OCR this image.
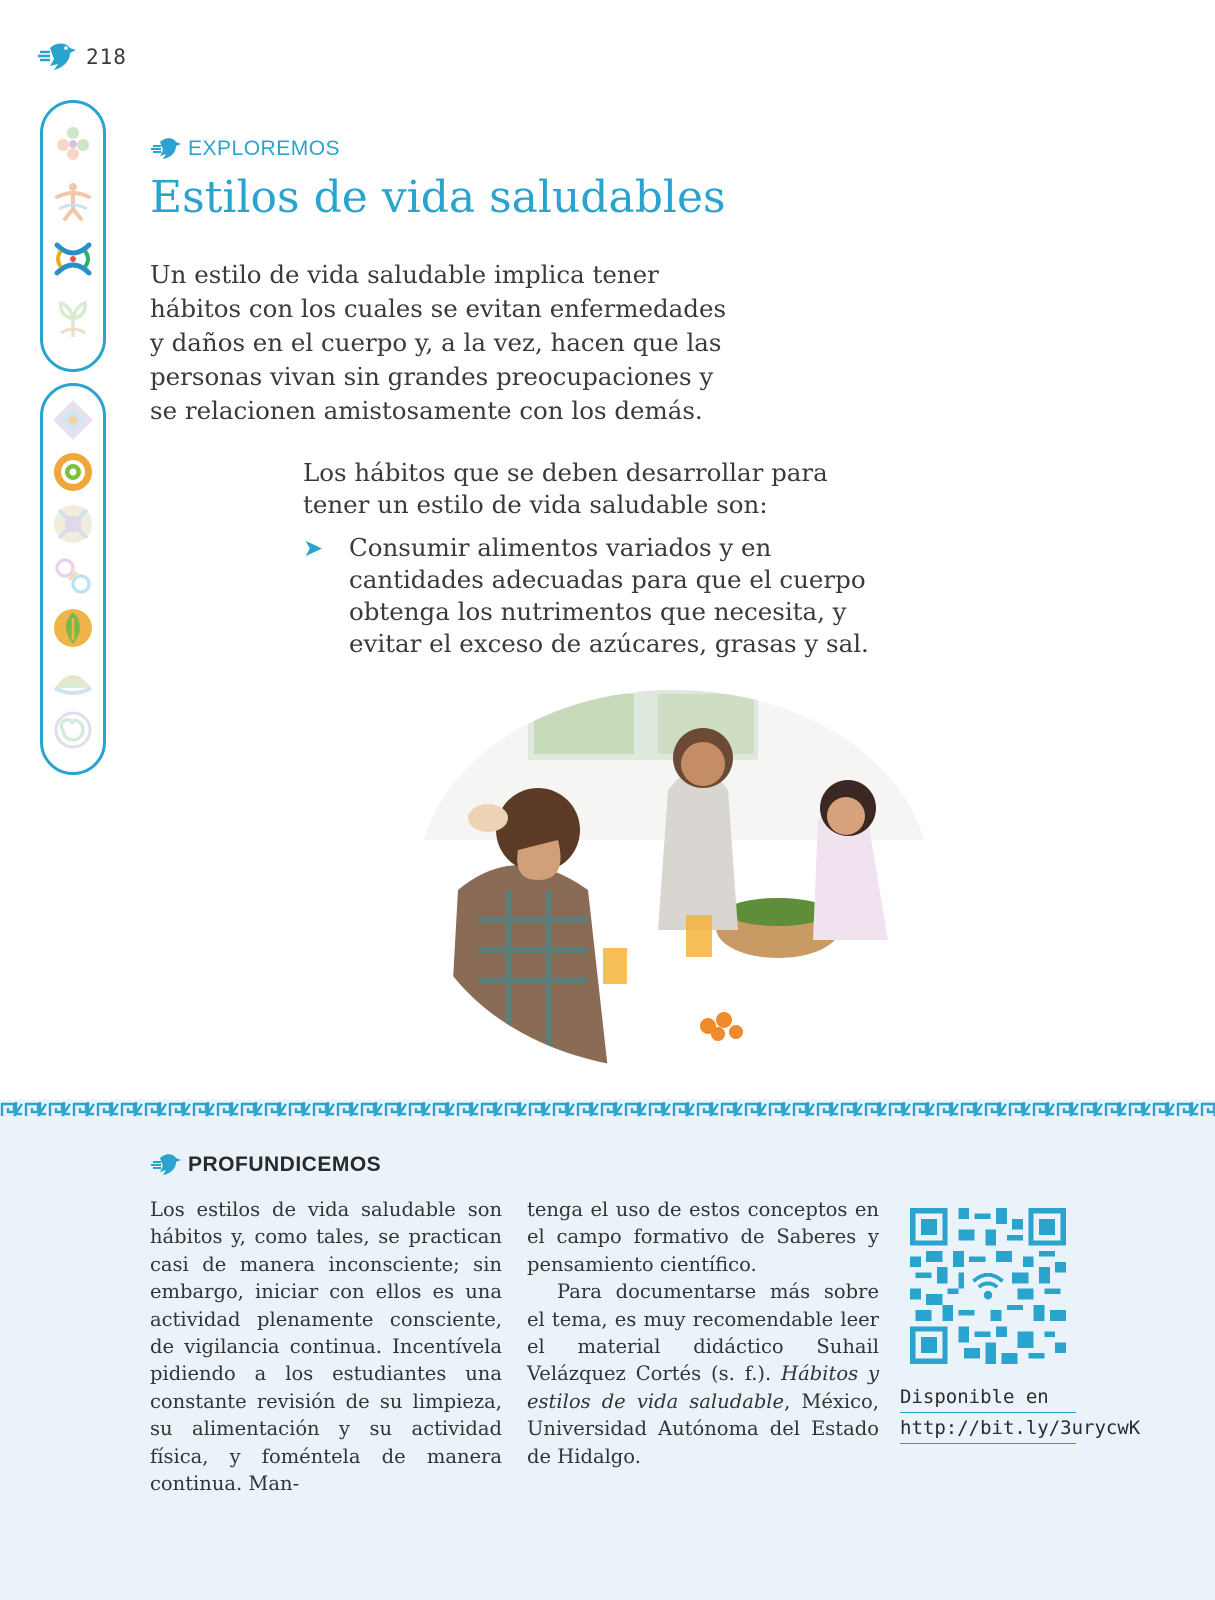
218
EXPLOREMOS
Estilos de vida saludables

Un estilo de vida saludable implica tener hábitos con los cuales se evitan enfermedades y daños en el cuerpo y, a la vez, hacen que las personas vivan sin grandes preocupaciones y se relacionen amistosamente con los demás.

Los hábitos que se deben desarrollar para tener un estilo de vida saludable son:

➤ Consumir alimentos variados y en cantidades adecuadas para que el cuerpo obtenga los nutrimentos que necesita, y evitar el exceso de azúcares, grasas y sal.
PROFUNDICEMOS

Los estilos de vida saludable son hábitos y, como tales, se practican casi de manera inconsciente; sin embargo, iniciar con ellos es una actividad plenamente consciente, de vigilancia continua. Incentívela pidiendo a los estudiantes una constante revisión de su limpieza, su alimentación y su actividad física, y foméntela de manera continua. Man-

tenga el uso de estos conceptos en el campo formativo de Saberes y pensamiento científico.

Para documentarse más sobre el tema, es muy recomendable leer el material didáctico Suhail Velázquez Cortés (s. f.). Hábitos y estilos de vida saludable, México, Universidad Autónoma del Estado de Hidalgo.

Disponible en
http://bit.ly/3urycwK
